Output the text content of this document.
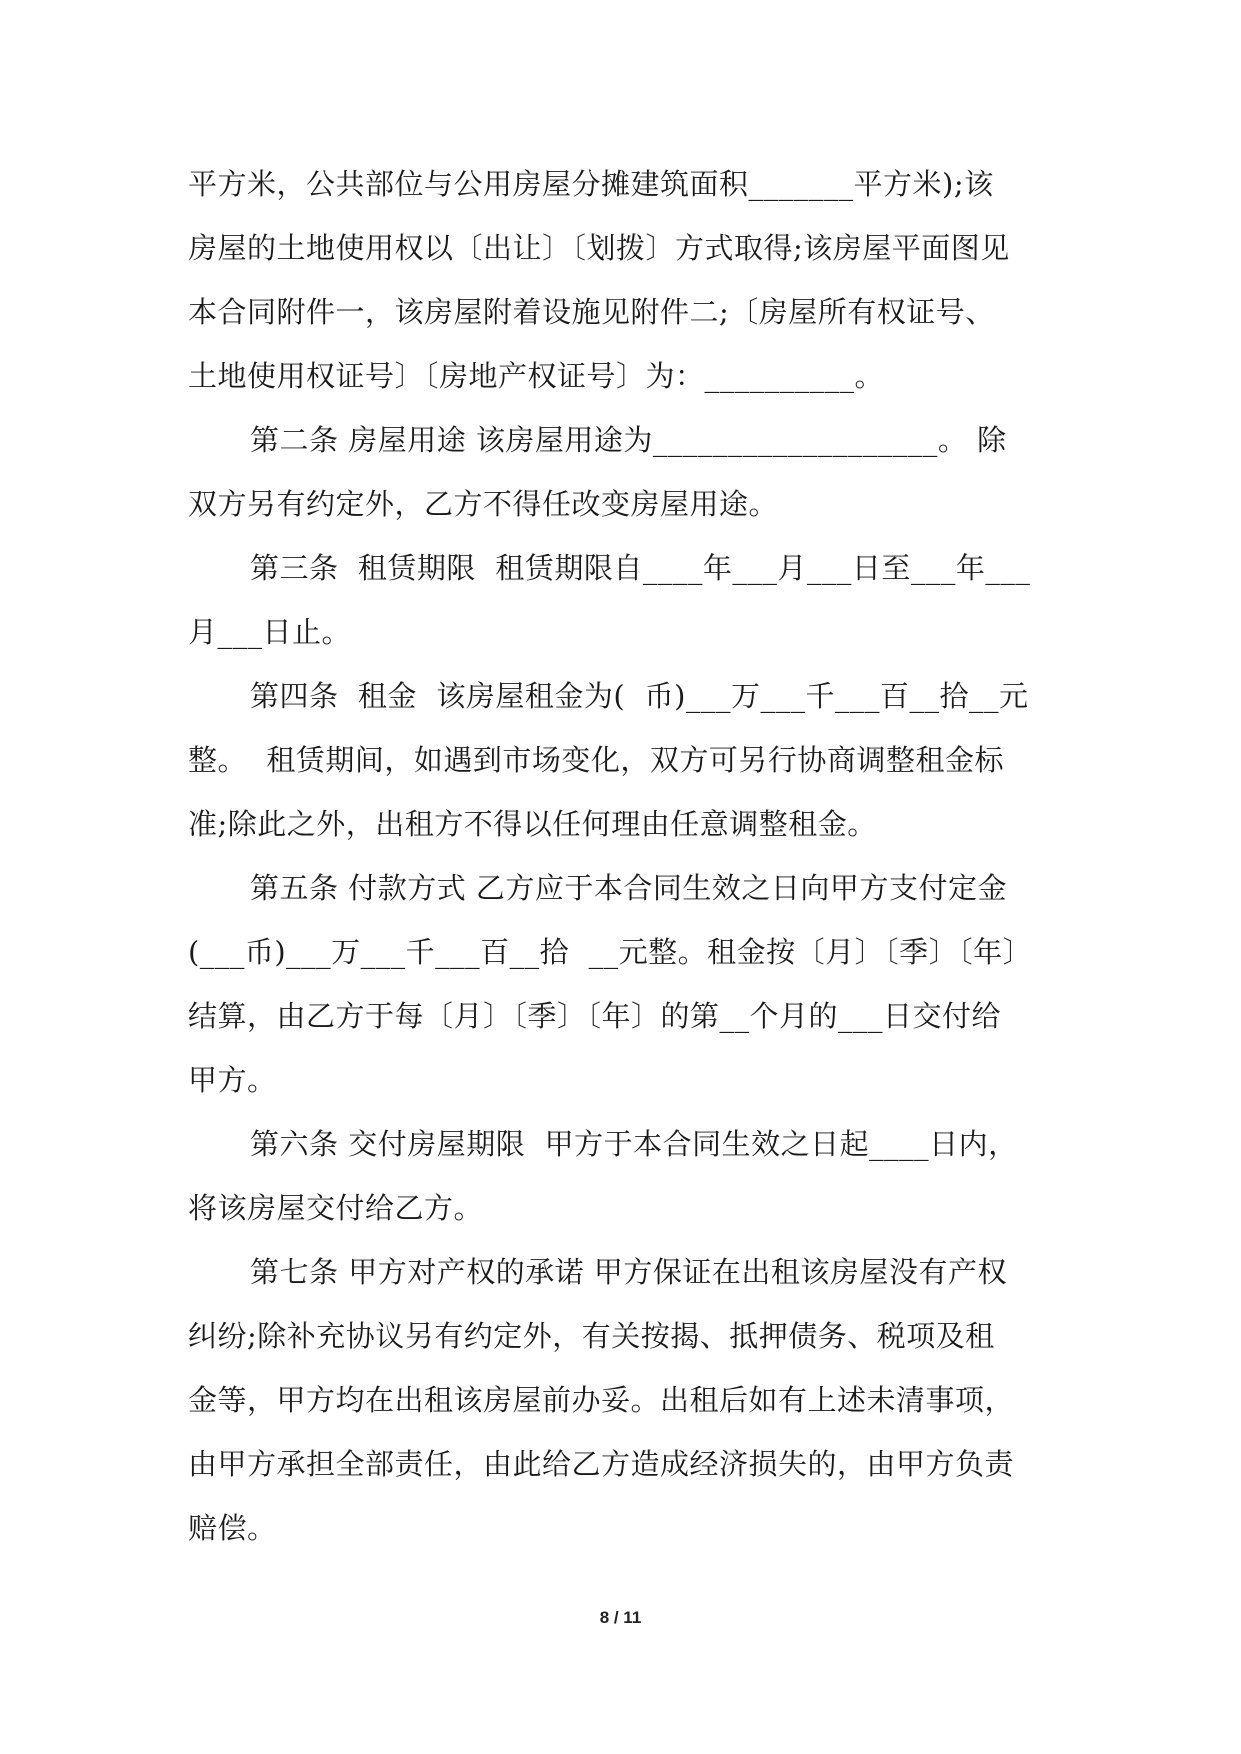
平方米，公共部位与公用房屋分摊建筑面积_______平方米);该
房屋的土地使用权以〔出让〕〔划拨〕方式取得;该房屋平面图见
本合同附件一，该房屋附着设施见附件二;〔房屋所有权证号、
土地使用权证号〕〔房地产权证号〕为：__________。
第二条 房屋用途 该房屋用途为___________________。 除
双方另有约定外，乙方不得任改变房屋用途。
第三条  租赁期限  租赁期限自____年___月___日至___年___
月___日止。
第四条  租金  该房屋租金为(  币)___万___千___百__拾__元
整。  租赁期间，如遇到市场变化，双方可另行协商调整租金标
准;除此之外，出租方不得以任何理由任意调整租金。
第五条 付款方式 乙方应于本合同生效之日向甲方支付定金
(___币)___万___千___百__拾  __元整。租金按〔月〕〔季〕〔年〕
结算，由乙方于每〔月〕〔季〕〔年〕的第__个月的___日交付给
甲方。
第六条 交付房屋期限  甲方于本合同生效之日起____日内，
将该房屋交付给乙方。
第七条 甲方对产权的承诺 甲方保证在出租该房屋没有产权
纠纷;除补充协议另有约定外，有关按揭、抵押债务、税项及租
金等，甲方均在出租该房屋前办妥。出租后如有上述未清事项，
由甲方承担全部责任，由此给乙方造成经济损失的，由甲方负责
赔偿。
8 / 11
